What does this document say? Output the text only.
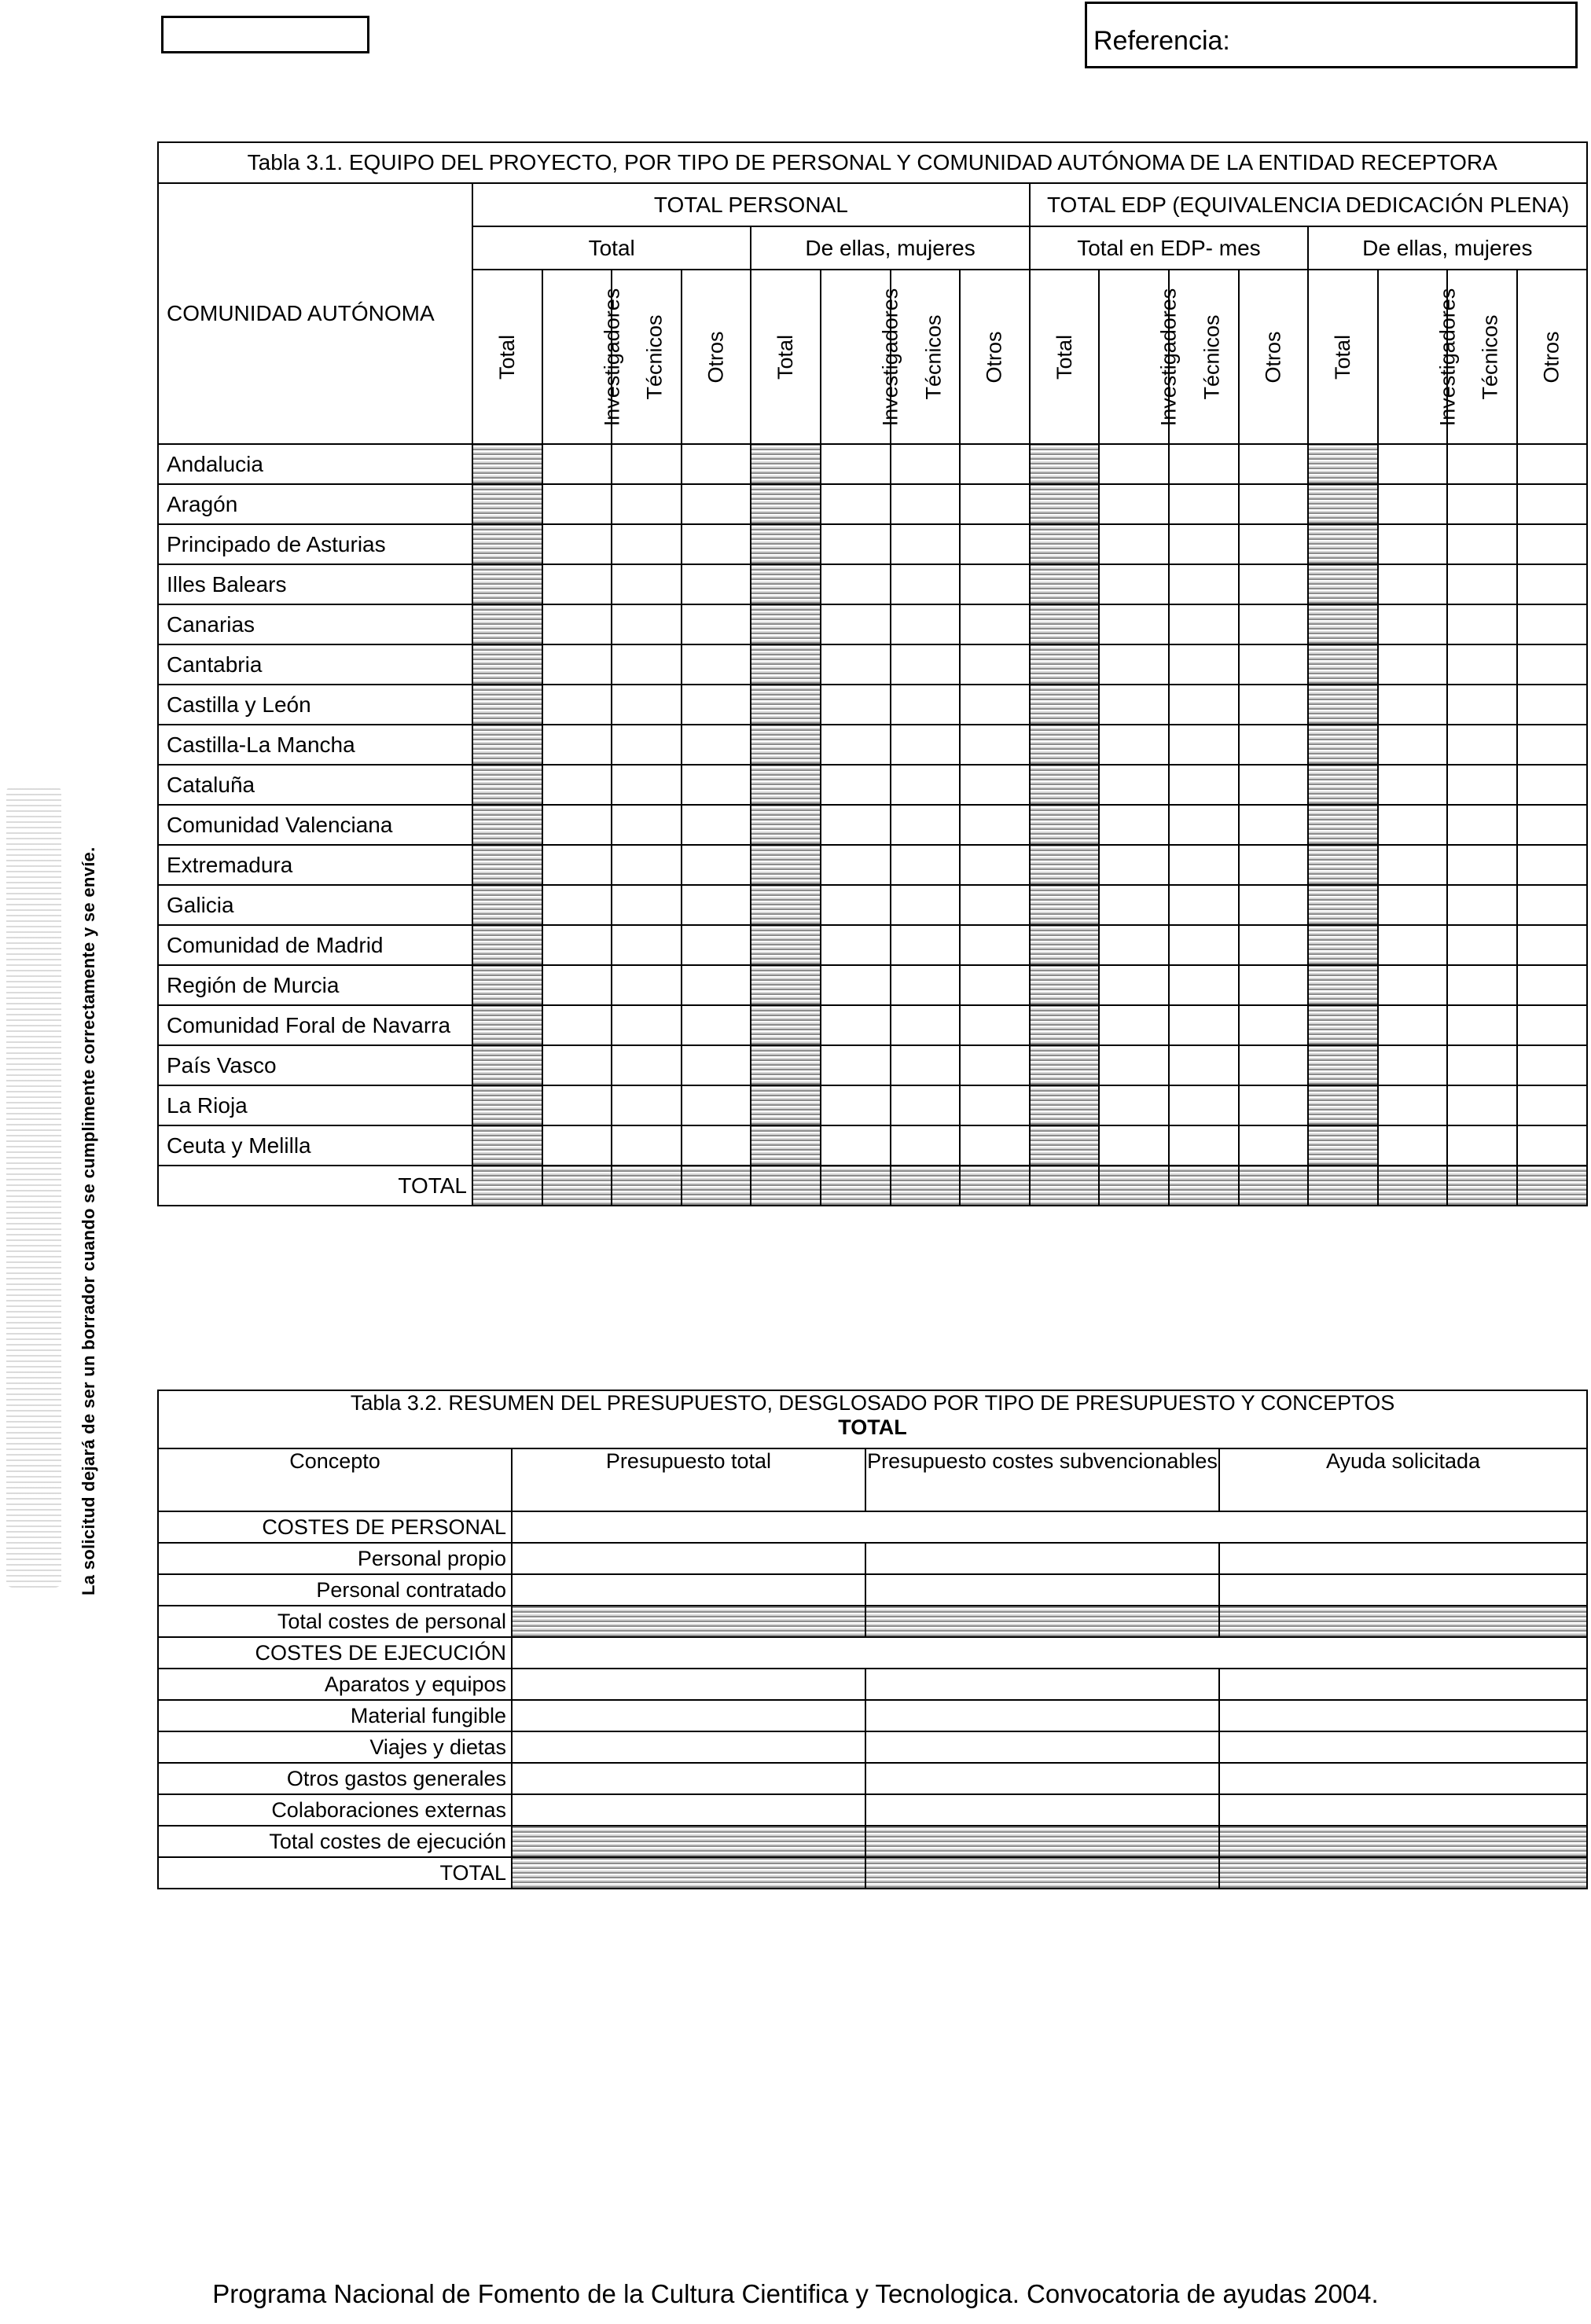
Referencia:
La solicitud dejará de ser un borrador cuando se cumplimente correctamente y se envíe.
Tabla 3.1. EQUIPO DEL PROYECTO, POR TIPO DE PERSONAL Y COMUNIDAD AUTÓNOMA DE LA ENTIDAD RECEPTORA																
COMUNIDAD AUTÓNOMA	TOTAL PERSONAL								TOTAL EDP (EQUIVALENCIA DEDICACIÓN PLENA)							
	Total				De ellas, mujeres				Total en EDP- mes				De ellas, mujeres			
	Total	Investigadores	Técnicos	Otros	Total	Investigadores	Técnicos	Otros	Total	Investigadores	Técnicos	Otros	Total	Investigadores	Técnicos	Otros
Andalucia																
Aragón																
Principado de Asturias																
Illes Balears																
Canarias																
Cantabria																
Castilla y León																
Castilla-La Mancha																
Cataluña																
Comunidad Valenciana																
Extremadura																
Galicia																
Comunidad de Madrid																
Región de Murcia																
Comunidad Foral de Navarra																
País Vasco																
La Rioja																
Ceuta y Melilla																
TOTAL																
Tabla 3.2. RESUMEN DEL PRESUPUESTO, DESGLOSADO POR TIPO DE PRESUPUESTO Y CONCEPTOS
TOTAL			

Concepto	Presupuesto total	Presupuesto costes subvencionables	Ayuda solicitada
COSTES DE PERSONAL			
Personal propio			
Personal contratado			
Total costes de personal			
COSTES DE EJECUCIÓN			
Aparatos y equipos			
Material fungible			
Viajes y dietas			
Otros gastos generales			
Colaboraciones externas			
Total costes de ejecución			
TOTAL			
Programa Nacional de Fomento de la Cultura Cientifica y Tecnologica. Convocatoria de ayudas 2004.
